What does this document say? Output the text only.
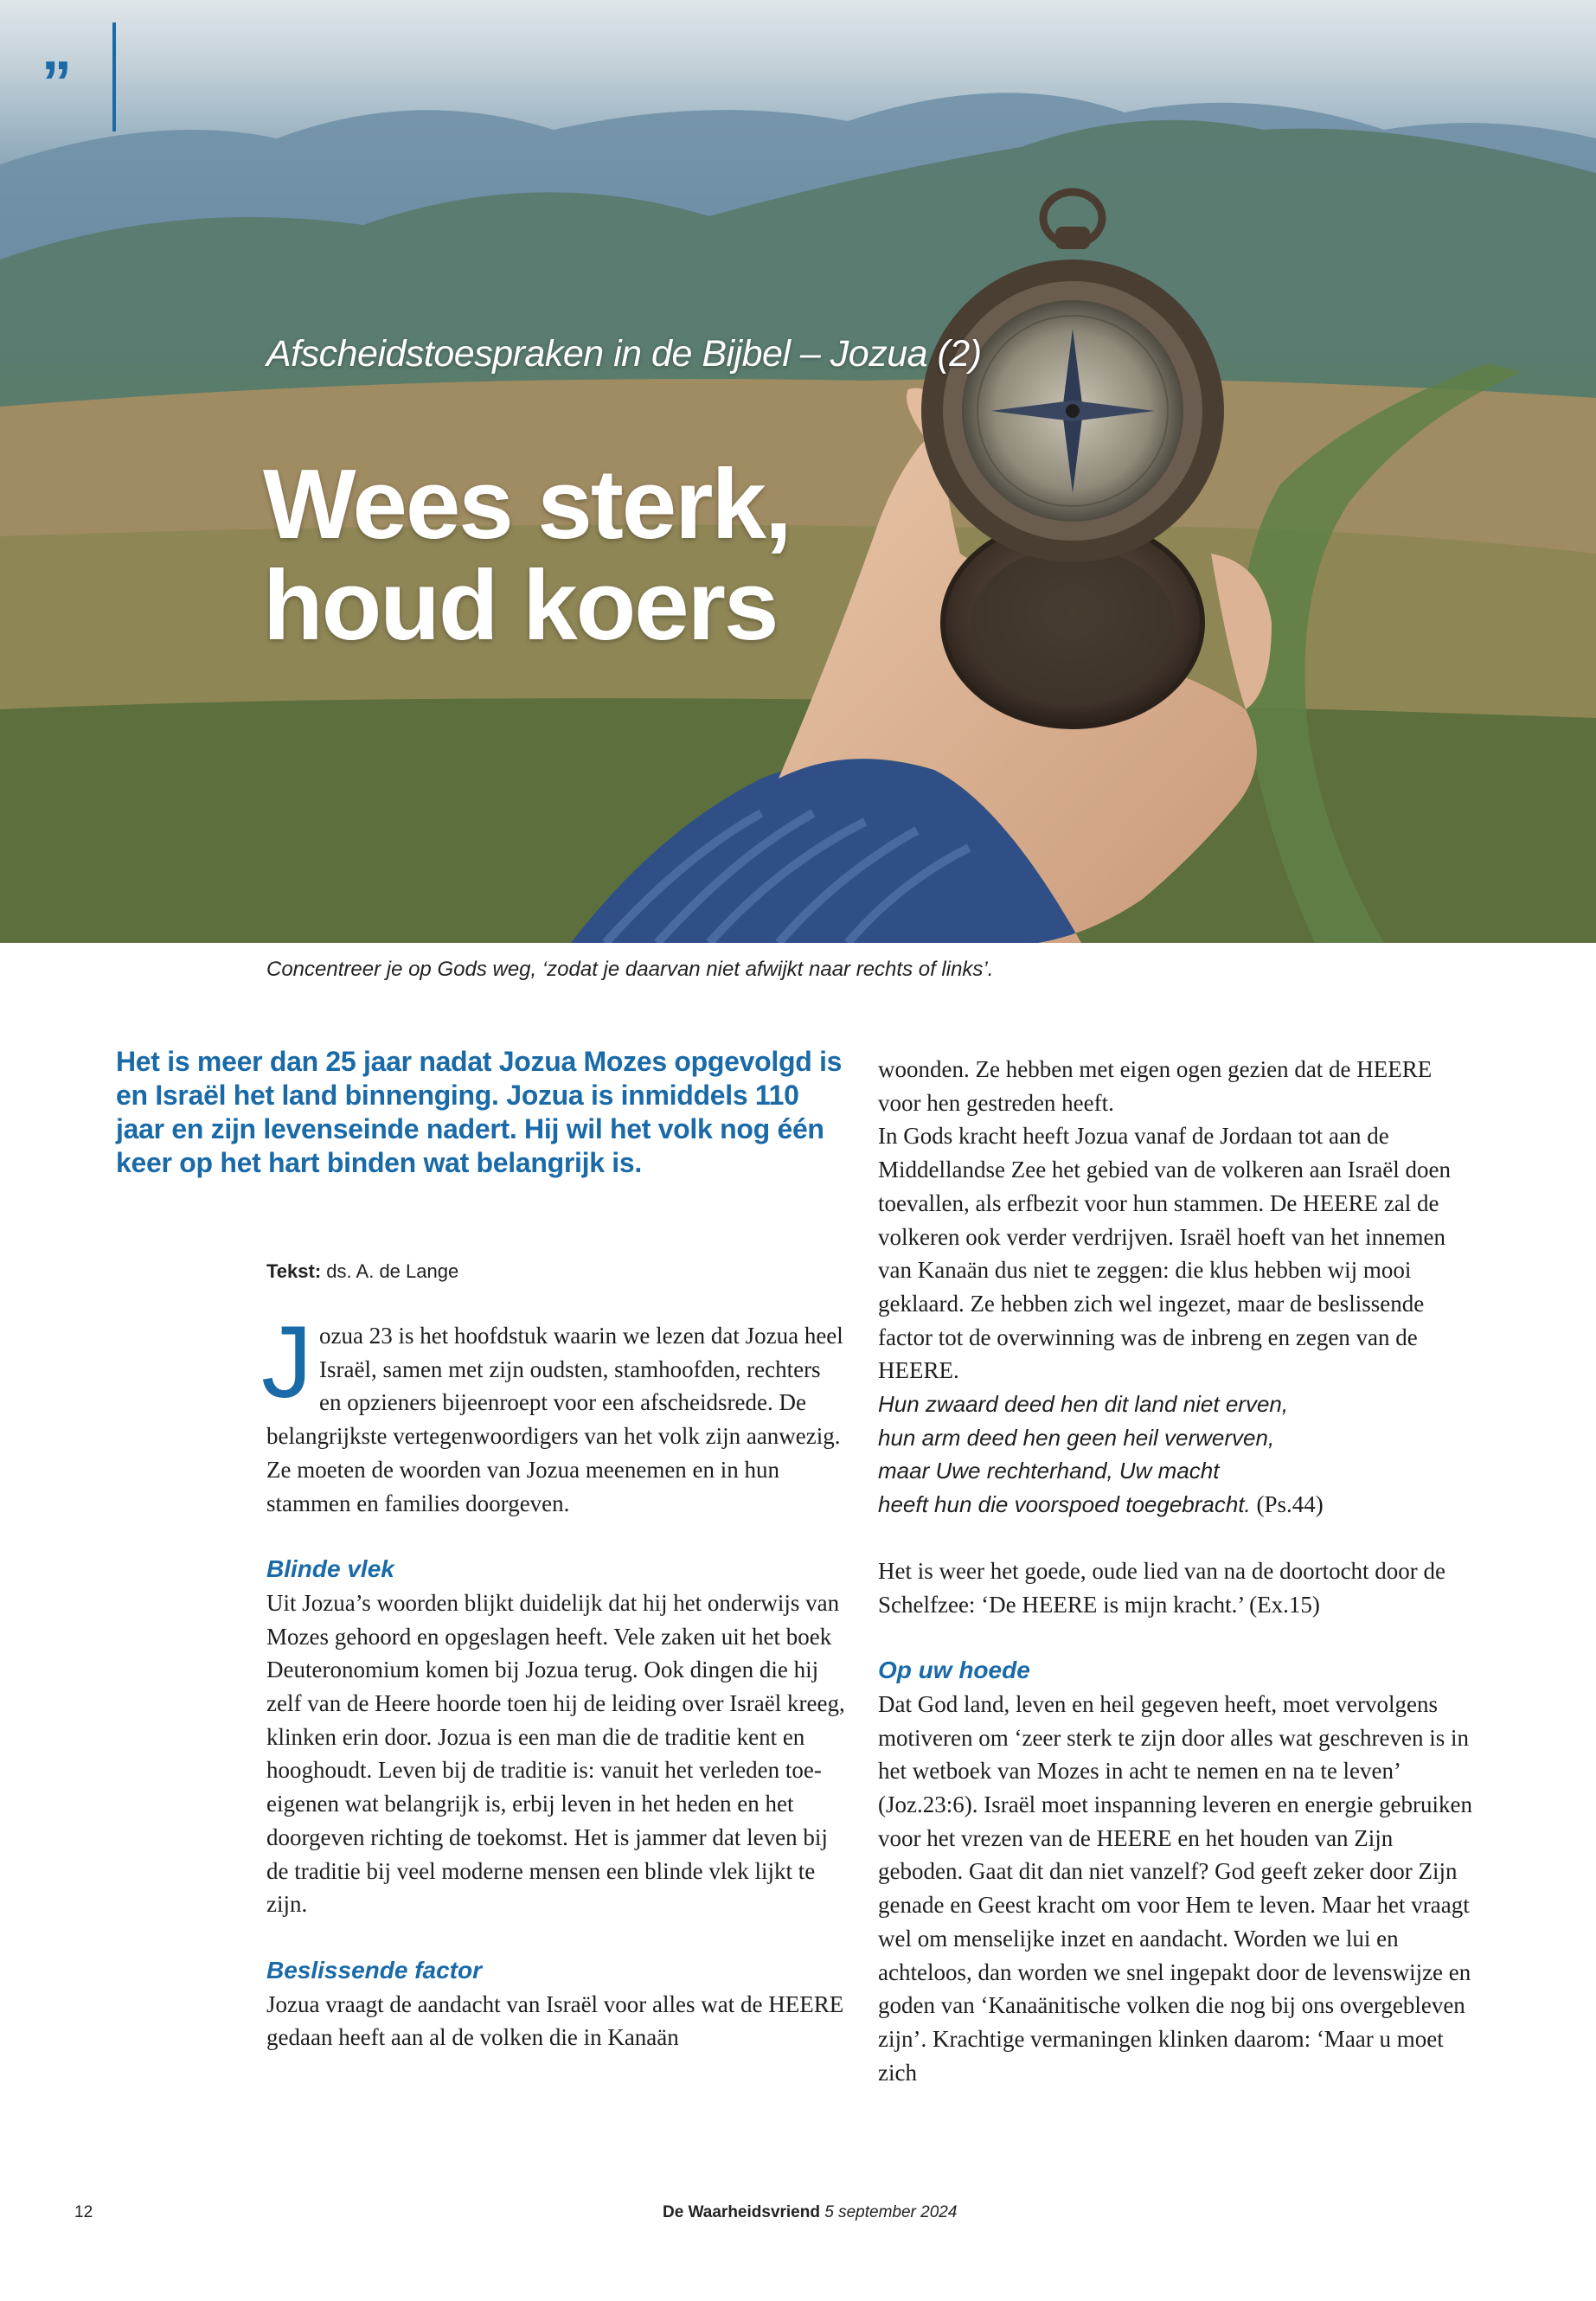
”
Afscheidstoespraken in de Bijbel – Jozua (2)
Wees sterk,
houd koers
Concentreer je op Gods weg, ‘zodat je daarvan niet afwijkt naar rechts of links’.
Het is meer dan 25 jaar nadat Jozua Mozes opgevolgd is en Israël het land binnenging. Jozua is inmiddels 110 jaar en zijn levenseinde nadert. Hij wil het volk nog één keer op het hart binden wat belangrijk is.
Tekst: ds. A. de Lange

Jozua 23 is het hoofdstuk waarin we lezen dat Jozua heel Israël, samen met zijn oudsten, stamhoofden, rechters en opzieners bijeenroept voor een afscheidsrede. De belangrijkste vertegenwoordigers van het volk zijn aanwezig. Ze moeten de woorden van Jozua meenemen en in hun stammen en families doorgeven.

Blinde vlek

Uit Jozua’s woorden blijkt duidelijk dat hij het onderwijs van Mozes gehoord en opgeslagen heeft. Vele zaken uit het boek Deuteronomium komen bij Jozua terug. Ook dingen die hij zelf van de Heere hoorde toen hij de leiding over Israël kreeg, klinken erin door. Jozua is een man die de traditie kent en hooghoudt. Leven bij de traditie is: vanuit het verleden toe-eigenen wat belangrijk is, erbij leven in het heden en het doorgeven richting de toekomst. Het is jammer dat leven bij de traditie bij veel moderne mensen een blinde vlek lijkt te zijn.

Beslissende factor

Jozua vraagt de aandacht van Israël voor alles wat de HEERE gedaan heeft aan al de volken die in Kanaän

woonden. Ze hebben met eigen ogen gezien dat de HEERE voor hen gestreden heeft.

In Gods kracht heeft Jozua vanaf de Jordaan tot aan de Middellandse Zee het gebied van de volkeren aan Israël doen toevallen, als erfbezit voor hun stammen. De HEERE zal de volkeren ook verder verdrijven. Israël hoeft van het innemen van Kanaän dus niet te zeggen: die klus hebben wij mooi geklaard. Ze hebben zich wel ingezet, maar de beslissende factor tot de overwinning was de inbreng en zegen van de HEERE.

Hun zwaard deed hen dit land niet erven,
hun arm deed hen geen heil verwerven,
maar Uwe rechterhand, Uw macht
heeft hun die voorspoed toegebracht. (Ps.44)

Het is weer het goede, oude lied van na de doortocht door de Schelfzee: ‘De HEERE is mijn kracht.’ (Ex.15)

Op uw hoede

Dat God land, leven en heil gegeven heeft, moet vervolgens motiveren om ‘zeer sterk te zijn door alles wat geschreven is in het wetboek van Mozes in acht te nemen en na te leven’ (Joz.23:6). Israël moet inspanning leveren en energie gebruiken voor het vrezen van de HEERE en het houden van Zijn geboden. Gaat dit dan niet vanzelf? God geeft zeker door Zijn genade en Geest kracht om voor Hem te leven. Maar het vraagt wel om menselijke inzet en aandacht. Worden we lui en achteloos, dan worden we snel ingepakt door de levenswijze en goden van ‘Kanaänitische volken die nog bij ons overgebleven zijn’. Krachtige vermaningen klinken daarom: ‘Maar u moet zich

12	De Waarheidsvriend 5 september 2024
